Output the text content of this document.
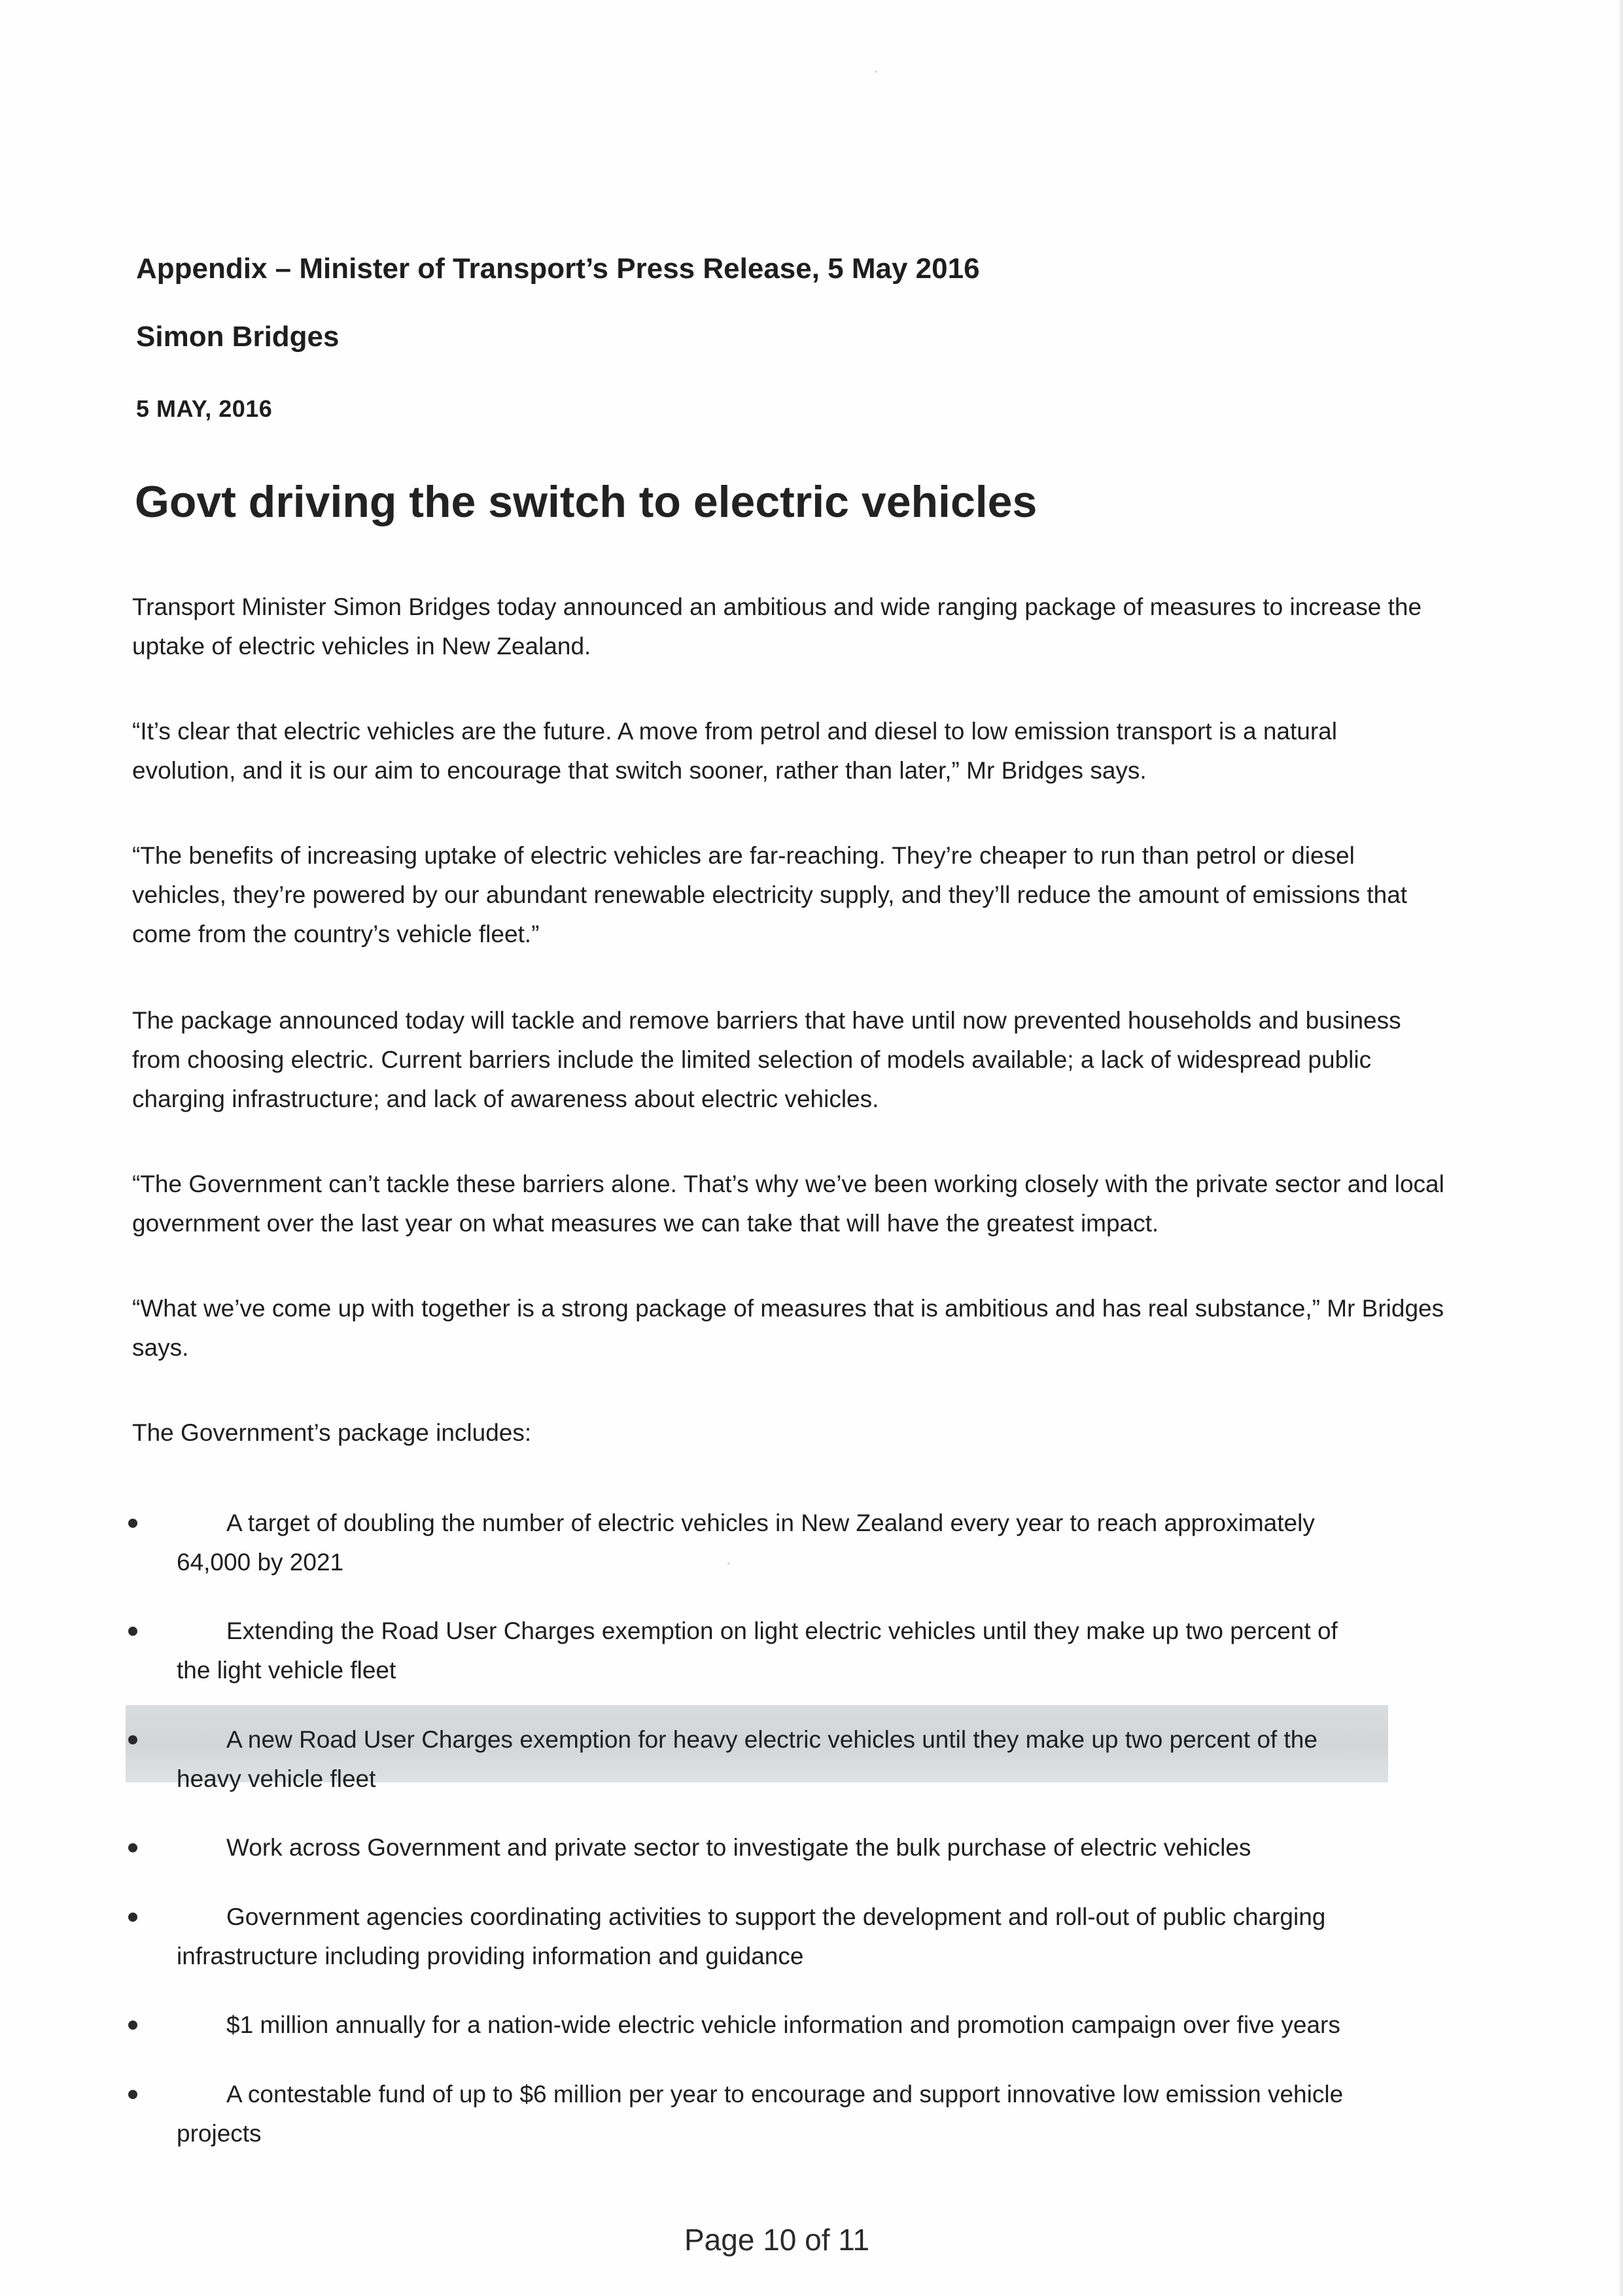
Appendix – Minister of Transport’s Press Release, 5 May 2016
Simon Bridges

5 MAY, 2016

Govt driving the switch to electric vehicles

Transport Minister Simon Bridges today announced an ambitious and wide ranging package of measures to increase the uptake of electric vehicles in New Zealand.

“It’s clear that electric vehicles are the future. A move from petrol and diesel to low emission transport is a natural evolution, and it is our aim to encourage that switch sooner, rather than later,” Mr Bridges says.

“The benefits of increasing uptake of electric vehicles are far-reaching. They’re cheaper to run than petrol or diesel vehicles, they’re powered by our abundant renewable electricity supply, and they’ll reduce the amount of emissions that come from the country’s vehicle fleet.”

The package announced today will tackle and remove barriers that have until now prevented households and business from choosing electric. Current barriers include the limited selection of models available; a lack of widespread public charging infrastructure; and lack of awareness about electric vehicles.

“The Government can’t tackle these barriers alone. That’s why we’ve been working closely with the private sector and local government over the last year on what measures we can take that will have the greatest impact.

“What we’ve come up with together is a strong package of measures that is ambitious and has real substance,” Mr Bridges says.

The Government’s package includes:

A target of doubling the number of electric vehicles in New Zealand every year to reach approximately
64,000 by 2021

Extending the Road User Charges exemption on light electric vehicles until they make up two percent of
the light vehicle fleet

A new Road User Charges exemption for heavy electric vehicles until they make up two percent of the
heavy vehicle fleet

Work across Government and private sector to investigate the bulk purchase of electric vehicles

Government agencies coordinating activities to support the development and roll-out of public charging
infrastructure including providing information and guidance

$1 million annually for a nation-wide electric vehicle information and promotion campaign over five years

A contestable fund of up to $6 million per year to encourage and support innovative low emission vehicle
projects

Page 10 of 11
